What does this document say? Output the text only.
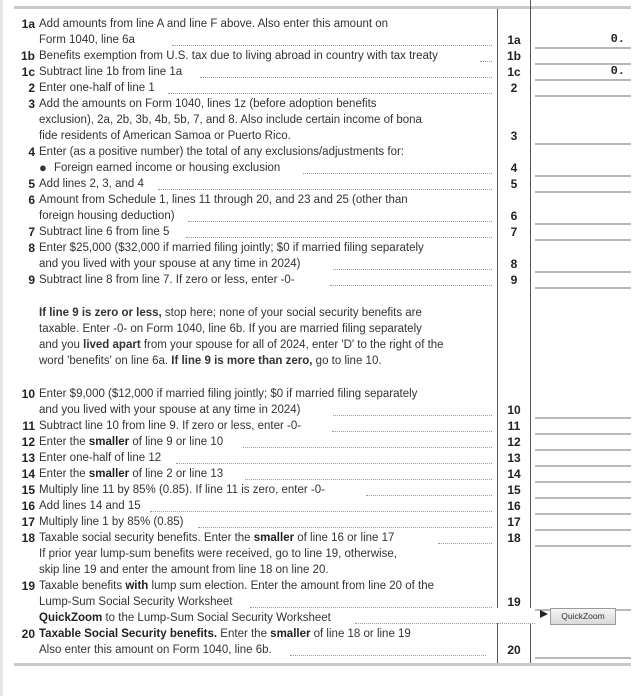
1a Add amounts from line A and line F above. Also enter this amount on
Form 1040, line 6a	1a	0.
1b Benefits exemption from U.S. tax due to living abroad in country with tax treaty	1b
1c Subtract line 1b from line 1a	1c	0.
2 Enter one-half of line 1	2
3 Add the amounts on Form 1040, lines 1z (before adoption benefits
exclusion), 2a, 2b, 3b, 4b, 5b, 7, and 8. Also include certain income of bona
fide residents of American Samoa or Puerto Rico.	3
4 Enter (as a positive number) the total of any exclusions/adjustments for:
● Foreign earned income or housing exclusion	4
5 Add lines 2, 3, and 4	5
6 Amount from Schedule 1, lines 11 through 20, and 23 and 25 (other than
foreign housing deduction)	6
7 Subtract line 6 from line 5	7
8 Enter $25,000 ($32,000 if married filing jointly; $0 if married filing separately
and you lived with your spouse at any time in 2024)	8
9 Subtract line 8 from line 7. If zero or less, enter -0-	9
If line 9 is zero or less, stop here; none of your social security benefits are
taxable. Enter -0- on Form 1040, line 6b. If you are married filing separately
and you lived apart from your spouse for all of 2024, enter 'D' to the right of the
word 'benefits' on line 6a. If line 9 is more than zero, go to line 10.
10 Enter $9,000 ($12,000 if married filing jointly; $0 if married filing separately
and you lived with your spouse at any time in 2024)	10
11 Subtract line 10 from line 9. If zero or less, enter -0-	11
12 Enter the smaller of line 9 or line 10	12
13 Enter one-half of line 12	13
14 Enter the smaller of line 2 or line 13	14
15 Multiply line 11 by 85% (0.85). If line 11 is zero, enter -0-	15
16 Add lines 14 and 15	16
17 Multiply line 1 by 85% (0.85)	17
18 Taxable social security benefits. Enter the smaller of line 16 or line 17	18
If prior year lump-sum benefits were received, go to line 19, otherwise,
skip line 19 and enter the amount from line 18 on line 20.
19 Taxable benefits with lump sum election. Enter the amount from line 20 of the
Lump-Sum Social Security Worksheet	19
QuickZoom to the Lump-Sum Social Security Worksheet	QuickZoom
20 Taxable Social Security benefits. Enter the smaller of line 18 or line 19
Also enter this amount on Form 1040, line 6b.	20
